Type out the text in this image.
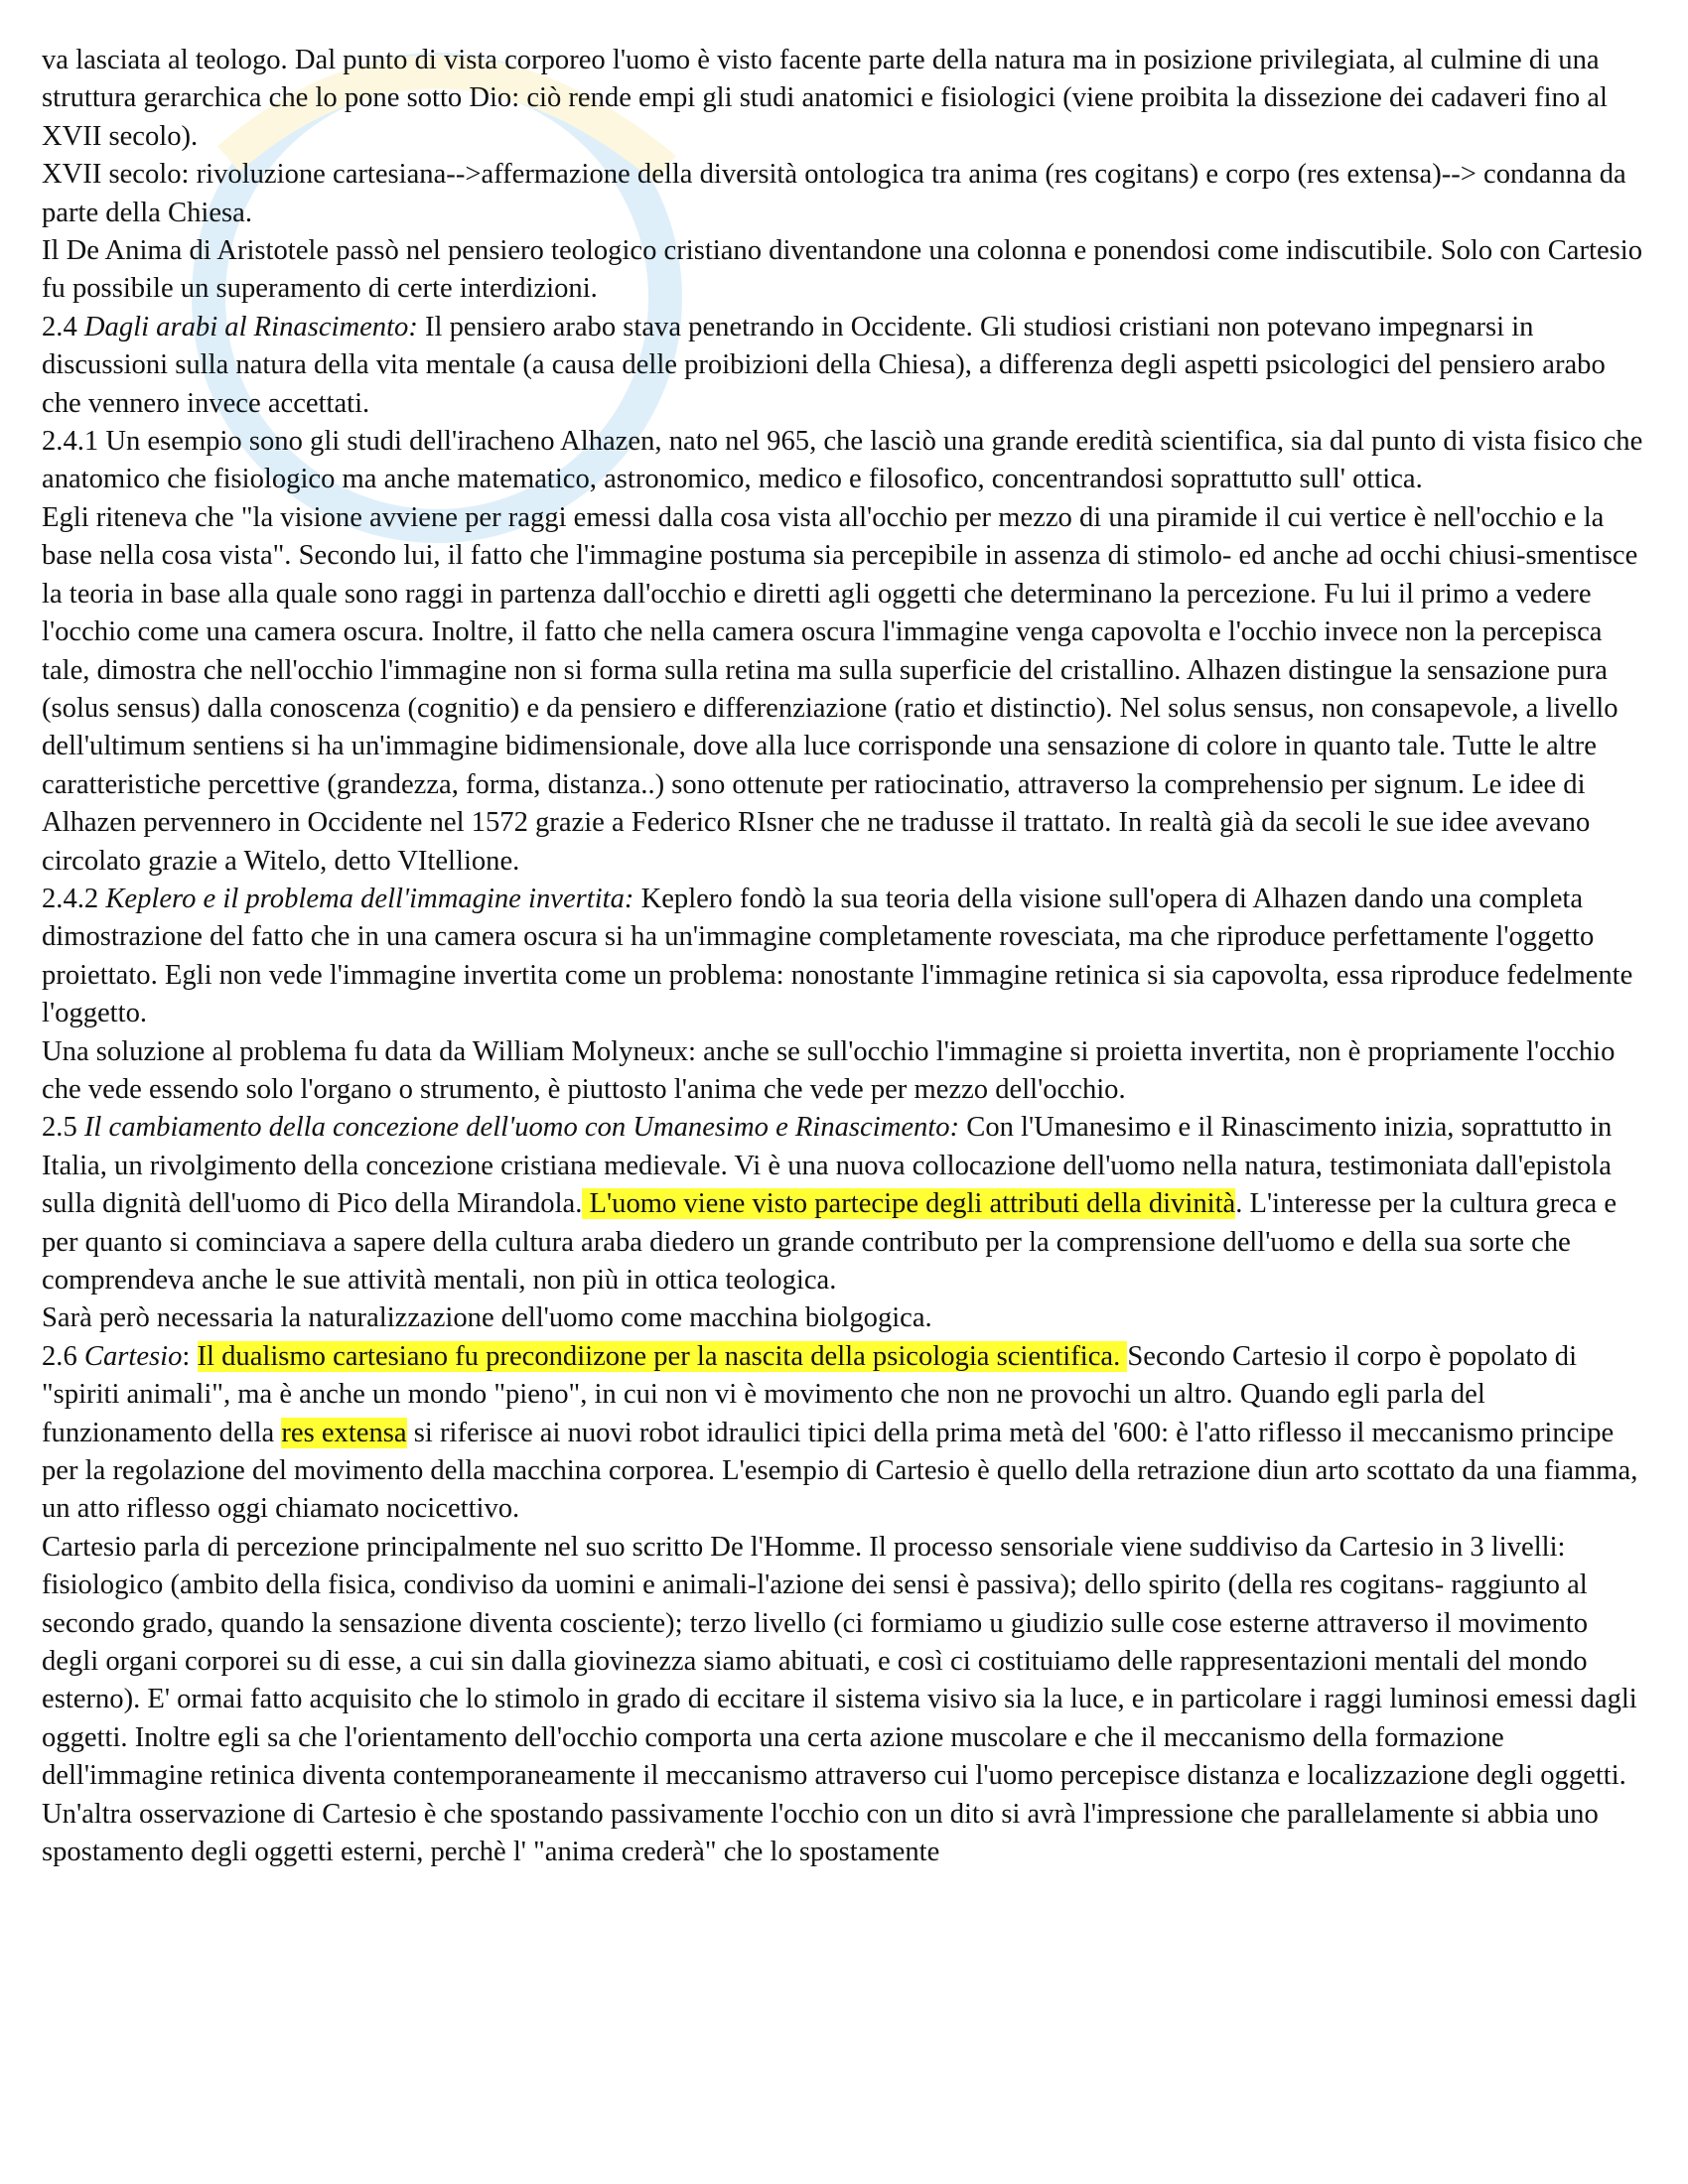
va lasciata al teologo. Dal punto di vista corporeo l'uomo è visto facente parte della natura ma in posizione privilegiata, al culmine di una struttura gerarchica che lo pone sotto Dio: ciò rende empi gli studi anatomici e fisiologici (viene proibita la dissezione dei cadaveri fino al XVII secolo).

XVII secolo: rivoluzione cartesiana-->affermazione della diversità ontologica tra anima (res cogitans) e corpo (res extensa)--> condanna da parte della Chiesa.

Il De Anima di Aristotele passò nel pensiero teologico cristiano diventandone una colonna e ponendosi come indiscutibile. Solo con Cartesio fu possibile un superamento di certe interdizioni.

2.4 Dagli arabi al Rinascimento: Il pensiero arabo stava penetrando in Occidente. Gli studiosi cristiani non potevano impegnarsi in discussioni sulla natura della vita mentale (a causa delle proibizioni della Chiesa), a differenza degli aspetti psicologici del pensiero arabo che vennero invece accettati.

2.4.1 Un esempio sono gli studi dell'iracheno Alhazen, nato nel 965, che lasciò una grande eredità scientifica, sia dal punto di vista fisico che anatomico che fisiologico ma anche matematico, astronomico, medico e filosofico, concentrandosi soprattutto sull' ottica.

Egli riteneva che "la visione avviene per raggi emessi dalla cosa vista all'occhio per mezzo di una piramide il cui vertice è nell'occhio e la base nella cosa vista". Secondo lui, il fatto che l'immagine postuma sia percepibile in assenza di stimolo- ed anche ad occhi chiusi-smentisce la teoria in base alla quale sono raggi in partenza dall'occhio e diretti agli oggetti che determinano la percezione. Fu lui il primo a vedere l'occhio come una camera oscura. Inoltre, il fatto che nella camera oscura l'immagine venga capovolta e l'occhio invece non la percepisca tale, dimostra che nell'occhio l'immagine non si forma sulla retina ma sulla superficie del cristallino. Alhazen distingue la sensazione pura (solus sensus) dalla conoscenza (cognitio) e da pensiero e differenziazione (ratio et distinctio). Nel solus sensus, non consapevole, a livello dell'ultimum sentiens si ha un'immagine bidimensionale, dove alla luce corrisponde una sensazione di colore in quanto tale. Tutte le altre caratteristiche percettive (grandezza, forma, distanza..) sono ottenute per ratiocinatio, attraverso la comprehensio per signum. Le idee di Alhazen pervennero in Occidente nel 1572 grazie a Federico RIsner che ne tradusse il trattato. In realtà già da secoli le sue idee avevano circolato grazie a Witelo, detto VItellione.

2.4.2 Keplero e il problema dell'immagine invertita: Keplero fondò la sua teoria della visione sull'opera di Alhazen dando una completa dimostrazione del fatto che in una camera oscura si ha un'immagine completamente rovesciata, ma che riproduce perfettamente l'oggetto proiettato. Egli non vede l'immagine invertita come un problema: nonostante l'immagine retinica si sia capovolta, essa riproduce fedelmente l'oggetto.

Una soluzione al problema fu data da William Molyneux: anche se sull'occhio l'immagine si proietta invertita, non è propriamente l'occhio che vede essendo solo l'organo o strumento, è piuttosto l'anima che vede per mezzo dell'occhio.

2.5 Il cambiamento della concezione dell'uomo con Umanesimo e Rinascimento: Con l'Umanesimo e il Rinascimento inizia, soprattutto in Italia, un rivolgimento della concezione cristiana medievale. Vi è una nuova collocazione dell'uomo nella natura, testimoniata dall'epistola sulla dignità dell'uomo di Pico della Mirandola. L'uomo viene visto partecipe degli attributi della divinità. L'interesse per la cultura greca e per quanto si cominciava a sapere della cultura araba diedero un grande contributo per la comprensione dell'uomo e della sua sorte che comprendeva anche le sue attività mentali, non più in ottica teologica.

Sarà però necessaria la naturalizzazione dell'uomo come macchina biolgogica.

2.6 Cartesio: Il dualismo cartesiano fu precondiizone per la nascita della psicologia scientifica. Secondo Cartesio il corpo è popolato di "spiriti animali", ma è anche un mondo "pieno", in cui non vi è movimento che non ne provochi un altro. Quando egli parla del funzionamento della res extensa si riferisce ai nuovi robot idraulici tipici della prima metà del '600: è l'atto riflesso il meccanismo principe per la regolazione del movimento della macchina corporea. L'esempio di Cartesio è quello della retrazione diun arto scottato da una fiamma, un atto riflesso oggi chiamato nocicettivo.

Cartesio parla di percezione principalmente nel suo scritto De l'Homme. Il processo sensoriale viene suddiviso da Cartesio in 3 livelli:

fisiologico (ambito della fisica, condiviso da uomini e animali-l'azione dei sensi è passiva); dello spirito (della res cogitans- raggiunto al secondo grado, quando la sensazione diventa cosciente); terzo livello (ci formiamo u giudizio sulle cose esterne attraverso il movimento degli organi corporei su di esse, a cui sin dalla giovinezza siamo abituati, e così ci costituiamo delle rappresentazioni mentali del mondo esterno). E' ormai fatto acquisito che lo stimolo in grado di eccitare il sistema visivo sia la luce, e in particolare i raggi luminosi emessi dagli oggetti. Inoltre egli sa che l'orientamento dell'occhio comporta una certa azione muscolare e che il meccanismo della formazione dell'immagine retinica diventa contemporaneamente il meccanismo attraverso cui l'uomo percepisce distanza e localizzazione degli oggetti. Un'altra osservazione di Cartesio è che spostando passivamente l'occhio con un dito si avrà l'impressione che parallelamente si abbia uno spostamento degli oggetti esterni, perchè l' "anima crederà" che lo spostamente
